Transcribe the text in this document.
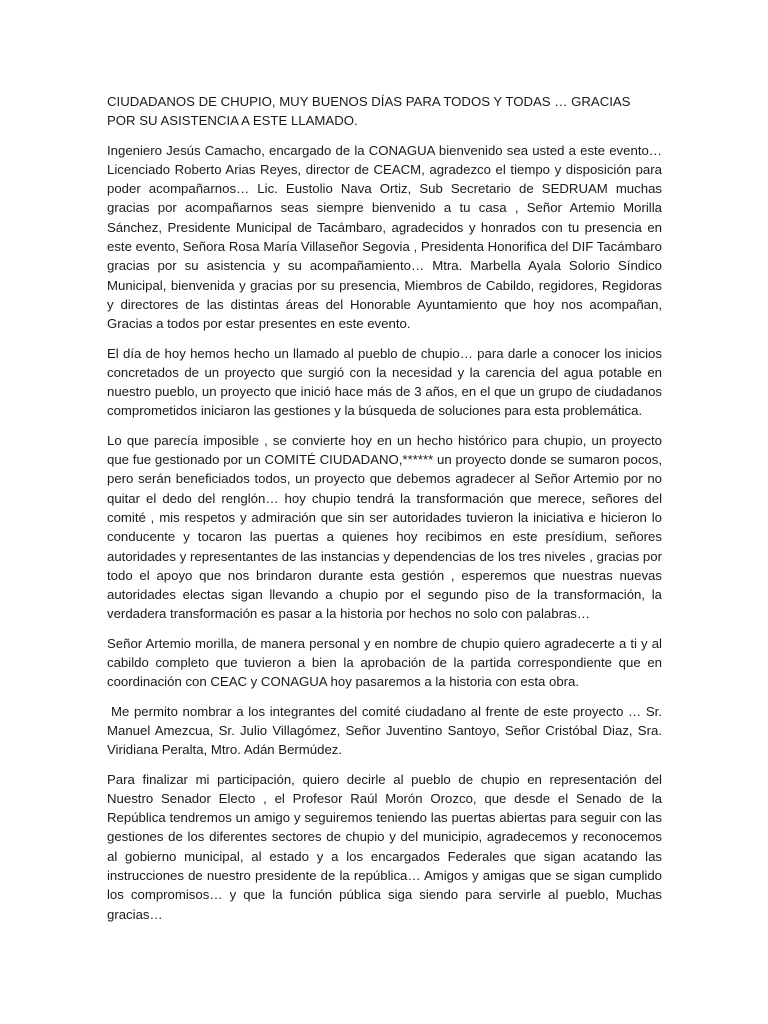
CIUDADANOS DE CHUPIO, MUY BUENOS DÍAS PARA TODOS Y TODAS … GRACIAS POR SU ASISTENCIA A ESTE LLAMADO.

Ingeniero Jesús Camacho, encargado de la CONAGUA bienvenido sea usted a este evento… Licenciado Roberto Arias Reyes, director de CEACM, agradezco el tiempo y disposición para poder acompañarnos… Lic. Eustolio Nava Ortiz, Sub Secretario de SEDRUAM muchas gracias por acompañarnos seas siempre bienvenido a tu casa , Señor Artemio Morilla Sánchez, Presidente Municipal de Tacámbaro, agradecidos y honrados con tu presencia en este evento, Señora Rosa María Villaseñor Segovia , Presidenta Honorifica del DIF Tacámbaro gracias por su asistencia y su acompañamiento… Mtra. Marbella Ayala Solorio Síndico Municipal, bienvenida y gracias por su presencia, Miembros de Cabildo, regidores, Regidoras y directores de las distintas áreas del Honorable Ayuntamiento que hoy nos acompañan, Gracias a todos por estar presentes en este evento.

El día de hoy hemos hecho un llamado al pueblo de chupio… para darle a conocer los inicios concretados de un proyecto que surgió con la necesidad y la carencia del agua potable en nuestro pueblo, un proyecto que inició hace más de 3 años, en el que un grupo de ciudadanos comprometidos iniciaron las gestiones y la búsqueda de soluciones para esta problemática.

Lo que parecía imposible , se convierte hoy en un hecho histórico para chupio, un proyecto que fue gestionado por un COMITÉ CIUDADANO,****** un proyecto donde se sumaron pocos, pero serán beneficiados todos, un proyecto que debemos agradecer al Señor Artemio por no quitar el dedo del renglón… hoy chupio tendrá la transformación que merece, señores del comité , mis respetos y admiración que sin ser autoridades tuvieron la iniciativa e hicieron lo conducente y tocaron las puertas a quienes hoy recibimos en este presídium, señores autoridades y representantes de las instancias y dependencias de los tres niveles , gracias por todo el apoyo que nos brindaron durante esta gestión , esperemos que nuestras nuevas autoridades electas sigan llevando a chupio por el segundo piso de la transformación, la verdadera transformación es pasar a la historia por hechos no solo con palabras…

Señor Artemio morilla, de manera personal y en nombre de chupio quiero agradecerte a ti y al cabildo completo que tuvieron a bien la aprobación de la partida correspondiente que en coordinación con CEAC y CONAGUA hoy pasaremos a la historia con esta obra.

Me permito nombrar a los integrantes del comité ciudadano al frente de este proyecto … Sr. Manuel Amezcua, Sr. Julio Villagómez, Señor Juventino Santoyo, Señor Cristóbal Diaz, Sra. Viridiana Peralta, Mtro. Adán Bermúdez.

Para finalizar mi participación, quiero decirle al pueblo de chupio en representación del Nuestro Senador Electo , el Profesor Raúl Morón Orozco, que desde el Senado de la República tendremos un amigo y seguiremos teniendo las puertas abiertas para seguir con las gestiones de los diferentes sectores de chupio y del municipio, agradecemos y reconocemos al gobierno municipal, al estado y a los encargados Federales que sigan acatando las instrucciones de nuestro presidente de la república… Amigos y amigas que se sigan cumplido los compromisos… y que la función pública siga siendo para servirle al pueblo, Muchas gracias…
